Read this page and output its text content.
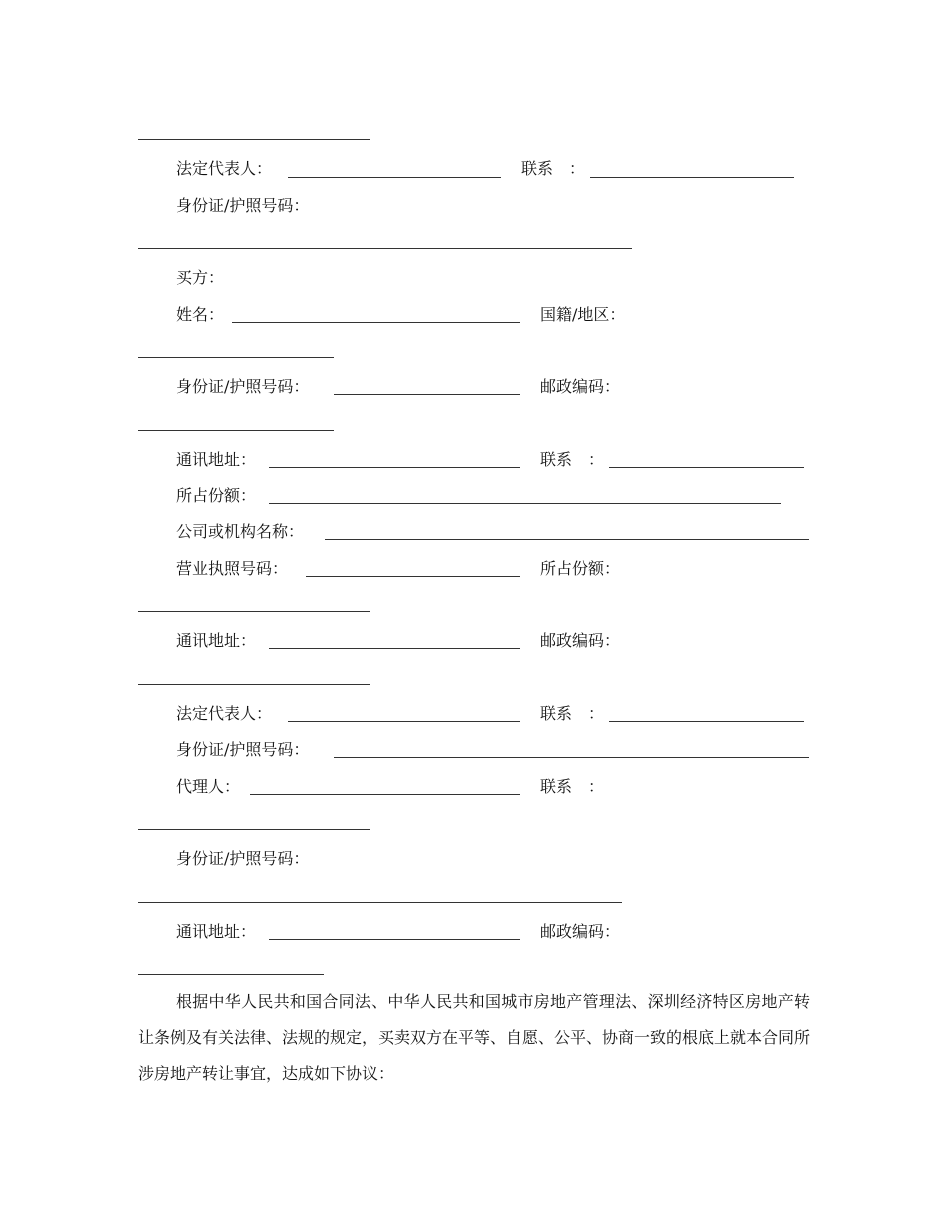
法定代表人：	联系　：
身份证/护照号码：
买方：
姓名：	国籍/地区：
身份证/护照号码：	邮政编码：
通讯地址：	联系　：
所占份额：
公司或机构名称：
营业执照号码：	所占份额：
通讯地址：	邮政编码：
法定代表人：	联系　：
身份证/护照号码：
代理人：	联系　：
身份证/护照号码：
通讯地址：	邮政编码：

根据中华人民共和国合同法、中华人民共和国城市房地产管理法、深圳经济特区房地产转让条例及有关法律、法规的规定，买卖双方在平等、自愿、公平、协商一致的根底上就本合同所涉房地产转让事宜，达成如下协议：
